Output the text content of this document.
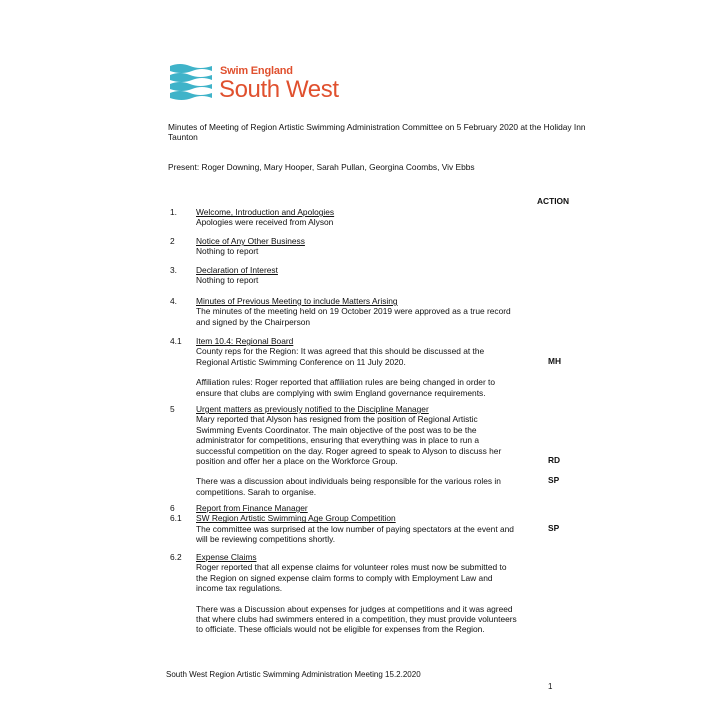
Swim England
South West
Minutes of Meeting of Region Artistic Swimming Administration Committee on 5 February 2020 at the Holiday Inn Taunton
Present: Roger Downing, Mary Hooper, Sarah Pullan, Georgina Coombs, Viv Ebbs
ACTION
1. Welcome, Introduction and Apologies
Apologies were received from Alyson
2	Notice of Any Other Business
Nothing to report
3. Declaration of Interest
Nothing to report
4. Minutes of Previous Meeting to include Matters Arising
The minutes of the meeting held on 19 October 2019 were approved as a true record
and signed by the Chairperson
4.1 Item 10.4: Regional Board
County reps for the Region: It was agreed that this should be discussed at the
Regional Artistic Swimming Conference on 11 July 2020.
Affiliation rules: Roger reported that affiliation rules are being changed in order to
ensure that clubs are complying with swim England governance requirements.
MH
5	Urgent matters as previously notified to the Discipline Manager
Mary reported that Alyson has resigned from the position of Regional Artistic
Swimming Events Coordinator. The main objective of the post was to be the
administrator for competitions, ensuring that everything was in place to run a
successful competition on the day. Roger agreed to speak to Alyson to discuss her
position and offer her a place on the Workforce Group.
There was a discussion about individuals being responsible for the various roles in
competitions. Sarah to organise.
RD
SP
6
6.1
Report from Finance Manager
SW Region Artistic Swimming Age Group Competition
The committee was surprised at the low number of paying spectators at the event and
will be reviewing competitions shortly.
SP
6.2 Expense Claims
Roger reported that all expense claims for volunteer roles must now be submitted to
the Region on signed expense claim forms to comply with Employment Law and
income tax regulations.
There was a Discussion about expenses for judges at competitions and it was agreed
that where clubs had swimmers entered in a competition, they must provide volunteers
to officiate. These officials would not be eligible for expenses from the Region.
South West Region Artistic Swimming Administration Meeting 15.2.2020
1
